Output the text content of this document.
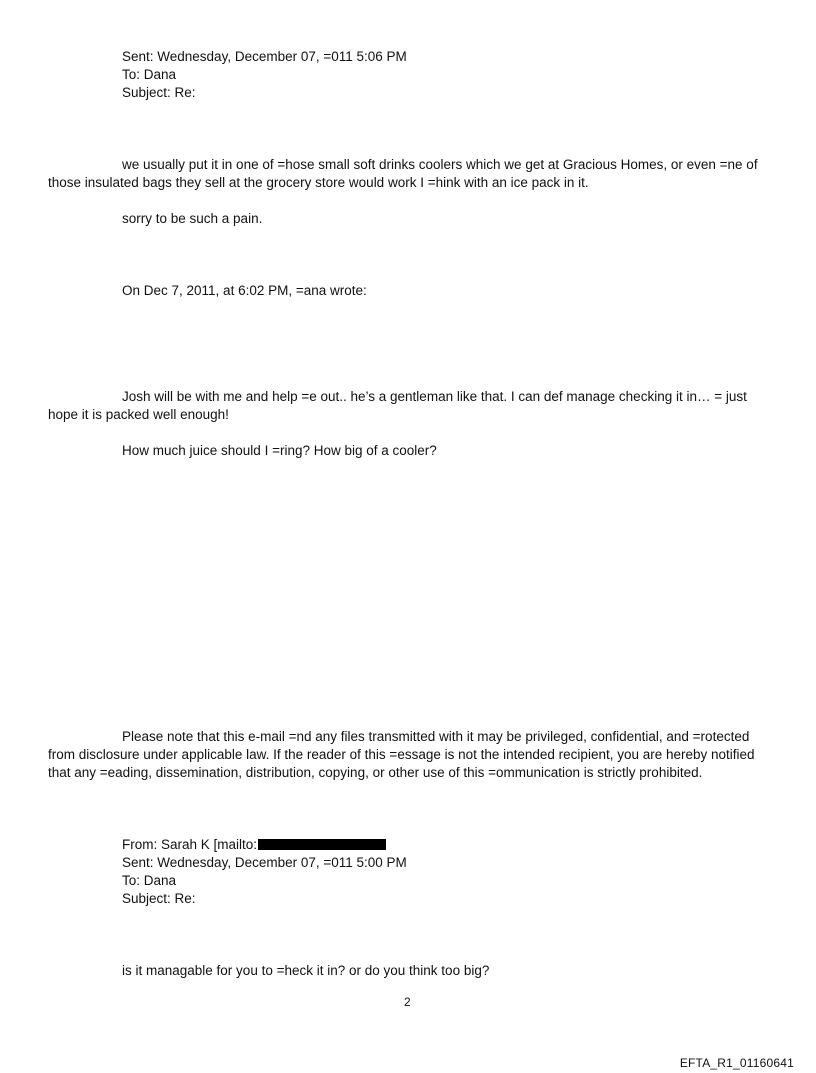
Sent: Wednesday, December 07, =011 5:06 PM
To: Dana
Subject: Re:
we usually put it in one of =hose small soft drinks coolers which we get at Gracious Homes, or even =ne of
those insulated bags they sell at the grocery store would work I =hink with an ice pack in it.
sorry to be such a pain.
On Dec 7, 2011, at 6:02 PM, =ana wrote:
Josh will be with me and help =e out.. he’s a gentleman like that. I can def manage checking it in… = just
hope it is packed well enough!
How much juice should I =ring? How big of a cooler?
Please note that this e-mail =nd any files transmitted with it may be privileged, confidential, and =rotected
from disclosure under applicable law. If the reader of this =essage is not the intended recipient, you are hereby notified
that any =eading, dissemination, distribution, copying, or other use of this =ommunication is strictly prohibited.
From: Sarah K [mailto:
Sent: Wednesday, December 07, =011 5:00 PM
To: Dana
Subject: Re:
is it managable for you to =heck it in? or do you think too big?
2
EFTA_R1_01160641
